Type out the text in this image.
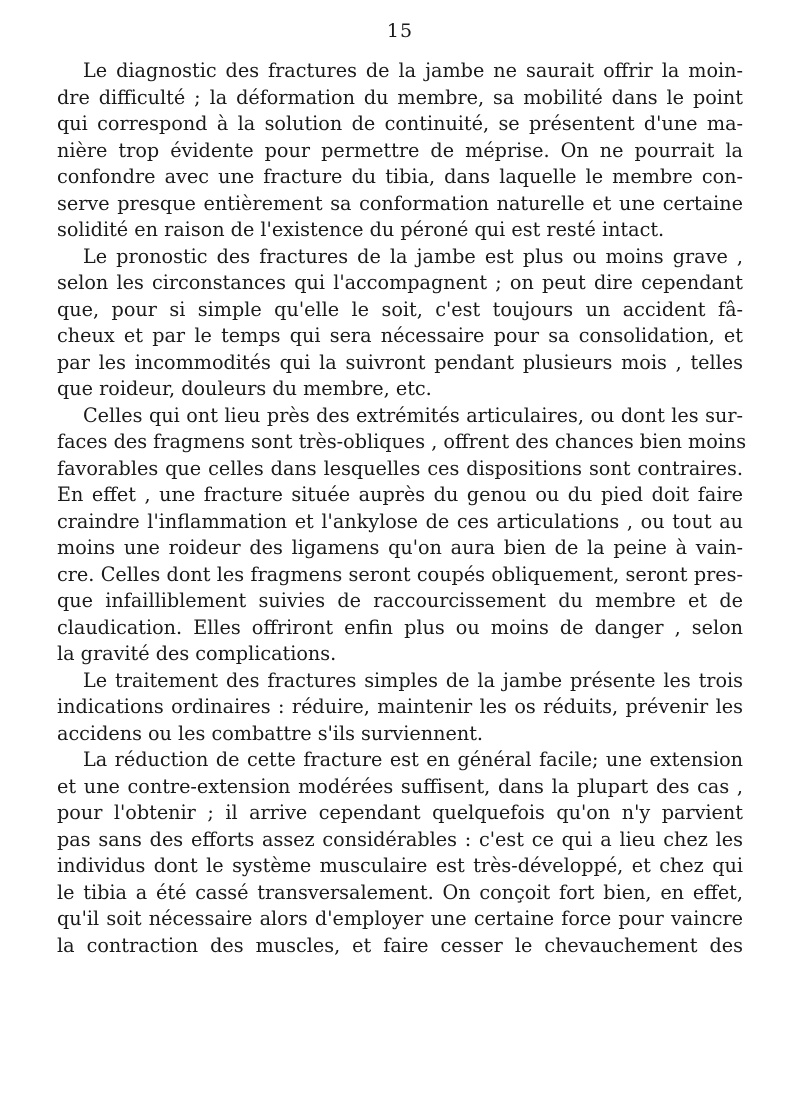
15

Le diagnostic des fractures de la jambe ne saurait offrir la moin-
dre difficulté ; la déformation du membre, sa mobilité dans le point
qui correspond à la solution de continuité, se présentent d'une ma-
nière trop évidente pour permettre de méprise. On ne pourrait la
confondre avec une fracture du tibia, dans laquelle le membre con-
serve presque entièrement sa conformation naturelle et une certaine
solidité en raison de l'existence du péroné qui est resté intact.

Le pronostic des fractures de la jambe est plus ou moins grave ,
selon les circonstances qui l'accompagnent ; on peut dire cependant
que, pour si simple qu'elle le soit, c'est toujours un accident fâ-
cheux et par le temps qui sera nécessaire pour sa consolidation, et
par les incommodités qui la suivront pendant plusieurs mois , telles
que roideur, douleurs du membre, etc.

Celles qui ont lieu près des extrémités articulaires, ou dont les sur-
faces des fragmens sont très-obliques , offrent des chances bien moins
favorables que celles dans lesquelles ces dispositions sont contraires.
En effet , une fracture située auprès du genou ou du pied doit faire
craindre l'inflammation et l'ankylose de ces articulations , ou tout au
moins une roideur des ligamens qu'on aura bien de la peine à vain-
cre. Celles dont les fragmens seront coupés obliquement, seront pres-
que infailliblement suivies de raccourcissement du membre et de
claudication. Elles offriront enfin plus ou moins de danger , selon
la gravité des complications.

Le traitement des fractures simples de la jambe présente les trois
indications ordinaires : réduire, maintenir les os réduits, prévenir les
accidens ou les combattre s'ils surviennent.

La réduction de cette fracture est en général facile; une extension
et une contre-extension modérées suffisent, dans la plupart des cas ,
pour l'obtenir ; il arrive cependant quelquefois qu'on n'y parvient
pas sans des efforts assez considérables : c'est ce qui a lieu chez les
individus dont le système musculaire est très-développé, et chez qui
le tibia a été cassé transversalement. On conçoit fort bien, en effet,
qu'il soit nécessaire alors d'employer une certaine force pour vaincre
la contraction des muscles, et faire cesser le chevauchement des
